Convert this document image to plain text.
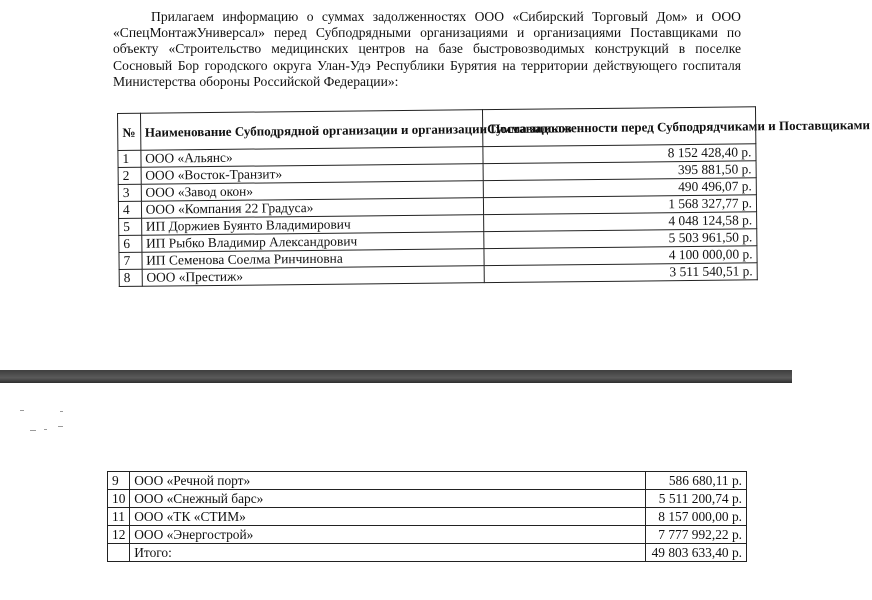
Прилагаем информацию о суммах задолженностях ООО «Сибирский Торговый Дом» и ООО «СпецМонтажУниверсал» перед Субподрядными организациями и организациями Поставщиками по объекту «Строительство медицинских центров на базе быстровозводимых конструкций в поселке Сосновый Бор городского округа Улан-Удэ Республики Бурятия на территории действующего госпиталя Министерства обороны Российской Федерации»:

№	Наименование Субподрядной организации и организации Поставщиков	Сумма задолженности перед Субподрядчиками и Поставщиками
1	ООО «Альянс»	8 152 428,40 р.
2	ООО «Восток-Транзит»	395 881,50 р.
3	ООО «Завод окон»	490 496,07 р.
4	ООО «Компания 22 Градуса»	1 568 327,77 р.
5	ИП Доржиев Буянто Владимирович	4 048 124,58 р.
6	ИП Рыбко Владимир Александрович	5 503 961,50 р.
7	ИП Семенова Соелма Ринчиновна	4 100 000,00 р.
8	ООО «Престиж»	3 511 540,51 р.
9	ООО «Речной порт»	586 680,11 р.
10	ООО «Снежный барс»	5 511 200,74 р.
11	ООО «ТК «СТИМ»	8 157 000,00 р.
12	ООО «Энергострой»	7 777 992,22 р.
	Итого:	49 803 633,40 р.
